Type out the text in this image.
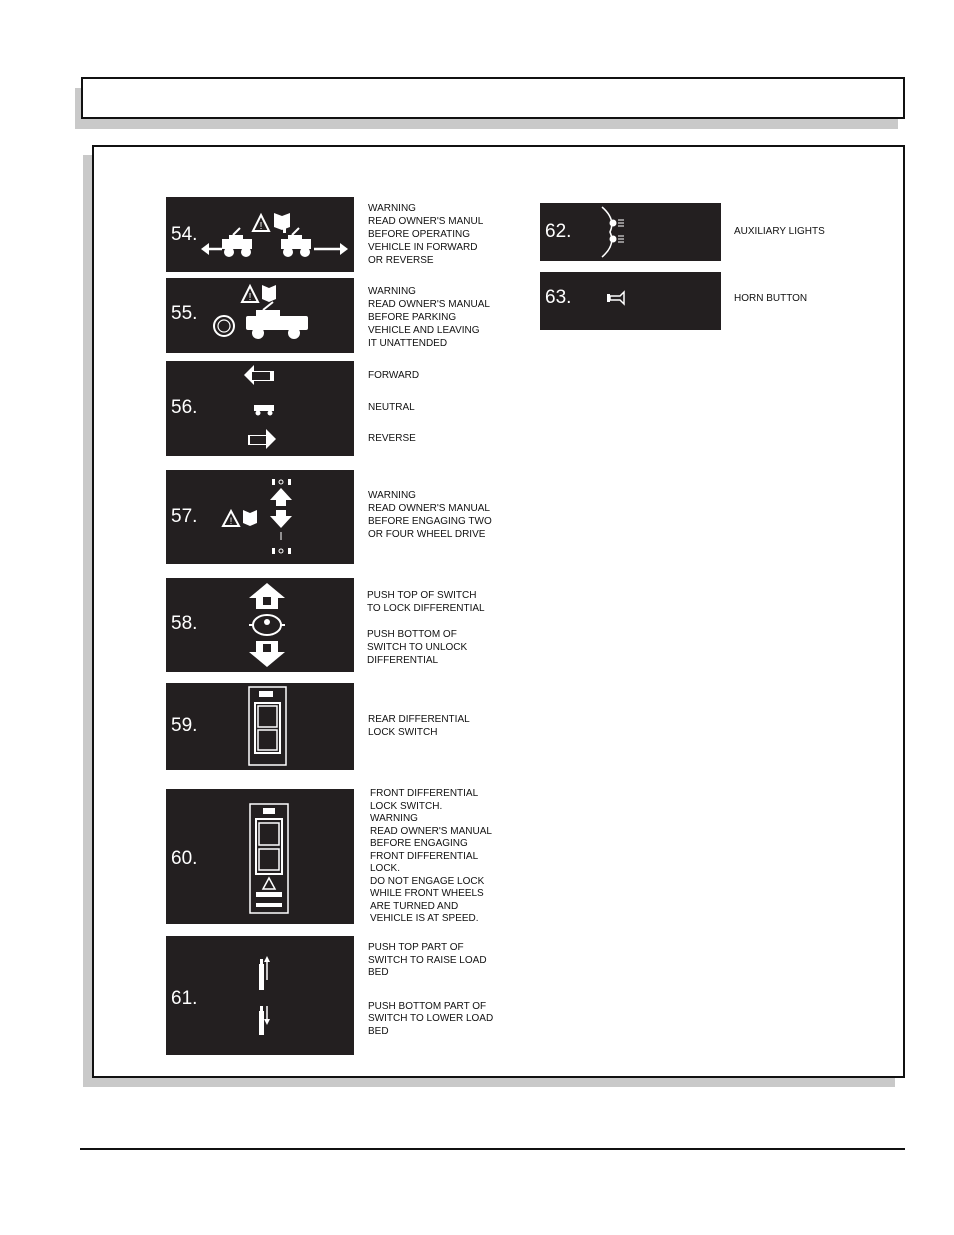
54.	!
WARNING
READ OWNER'S MANUL
BEFORE OPERATING
VEHICLE IN FORWARD
OR REVERSE
55.
!
WARNING
READ OWNER'S MANUAL
BEFORE PARKING
VEHICLE AND LEAVING
IT UNATTENDED
56.
FORWARD
NEUTRAL
REVERSE
57.	!
WARNING
READ OWNER'S MANUAL
BEFORE ENGAGING TWO
OR FOUR WHEEL DRIVE
58.
PUSH TOP OF SWITCH
TO LOCK DIFFERENTIAL
PUSH BOTTOM OF
SWITCH TO UNLOCK
DIFFERENTIAL
59.	REAR DIFFERENTIAL
LOCK SWITCH
60.
FRONT DIFFERENTIAL
LOCK SWITCH.
WARNING
READ OWNER'S MANUAL
BEFORE ENGAGING
FRONT DIFFERENTIAL
LOCK.
DO NOT ENGAGE LOCK
WHILE FRONT WHEELS
ARE TURNED AND
VEHICLE IS AT SPEED.
61.
PUSH TOP PART OF
SWITCH TO RAISE LOAD
BED
PUSH BOTTOM PART OF
SWITCH TO LOWER LOAD
BED
62.	AUXILIARY LIGHTS
63.	HORN BUTTON
